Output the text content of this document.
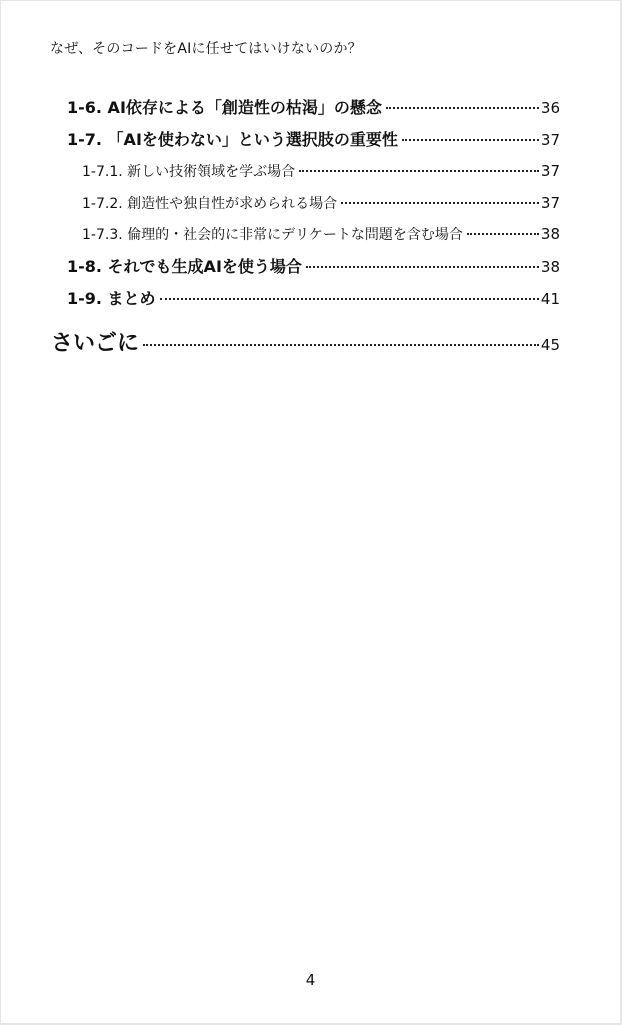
なぜ、そのコードをAIに任せてはいけないのか？
1-6. AI依存による「創造性の枯渇」の懸念	36
1-7. 「AIを使わない」という選択肢の重要性	37
1-7.1. 新しい技術領域を学ぶ場合	37
1-7.2. 創造性や独自性が求められる場合	37
1-7.3. 倫理的・社会的に非常にデリケートな問題を含む場合	38
1-8. それでも生成AIを使う場合	38
1-9. まとめ	41
さいごに	45
4
